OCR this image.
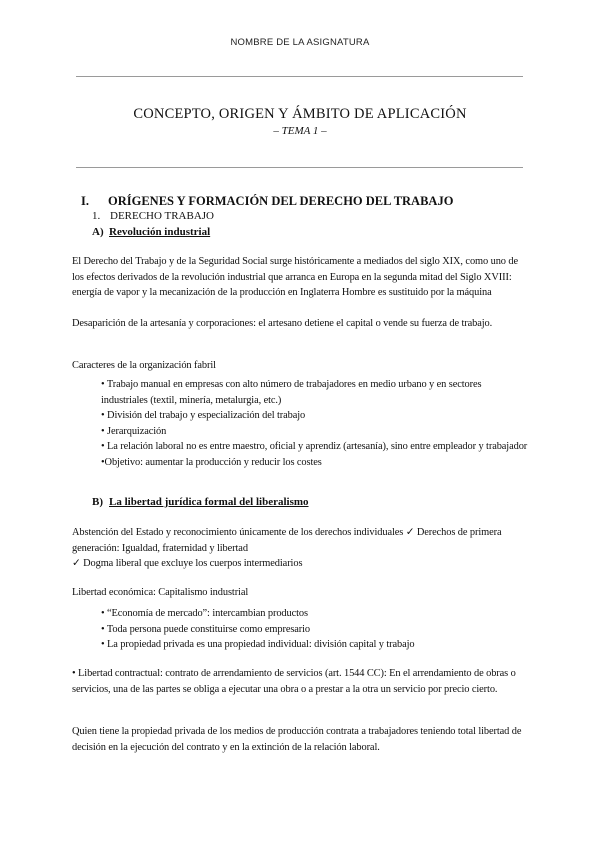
NOMBRE DE LA ASIGNATURA
CONCEPTO, ORIGEN Y ÁMBITO DE APLICACIÓN
– TEMA 1 –
I. ORÍGENES Y FORMACIÓN DEL DERECHO DEL TRABAJO
1. DERECHO TRABAJO
A) Revolución industrial
El Derecho del Trabajo y de la Seguridad Social surge históricamente a mediados del siglo XIX, como uno de los efectos derivados de la revolución industrial que arranca en Europa en la segunda mitad del Siglo XVIII: energía de vapor y la mecanización de la producción en Inglaterra Hombre es sustituido por la máquina
Desaparición de la artesanía y corporaciones: el artesano detiene el capital o vende su fuerza de trabajo.
Caracteres de la organización fabril
• Trabajo manual en empresas con alto número de trabajadores en medio urbano y en sectores industriales (textil, minería, metalurgia, etc.)
• División del trabajo y especialización del trabajo
• Jerarquización
• La relación laboral no es entre maestro, oficial y aprendiz (artesanía), sino entre empleador y trabajador
•Objetivo: aumentar la producción y reducir los costes
B) La libertad jurídica formal del liberalismo
Abstención del Estado y reconocimiento únicamente de los derechos individuales ✓ Derechos de primera generación: Igualdad, fraternidad y libertad
✓ Dogma liberal que excluye los cuerpos intermediarios
Libertad económica: Capitalismo industrial
• “Economía de mercado”: intercambian productos
• Toda persona puede constituirse como empresario
• La propiedad privada es una propiedad individual: división capital y trabajo
• Libertad contractual: contrato de arrendamiento de servicios (art. 1544 CC): En el arrendamiento de obras o servicios, una de las partes se obliga a ejecutar una obra o a prestar a la otra un servicio por precio cierto.
Quien tiene la propiedad privada de los medios de producción contrata a trabajadores teniendo total libertad de decisión en la ejecución del contrato y en la extinción de la relación laboral.
